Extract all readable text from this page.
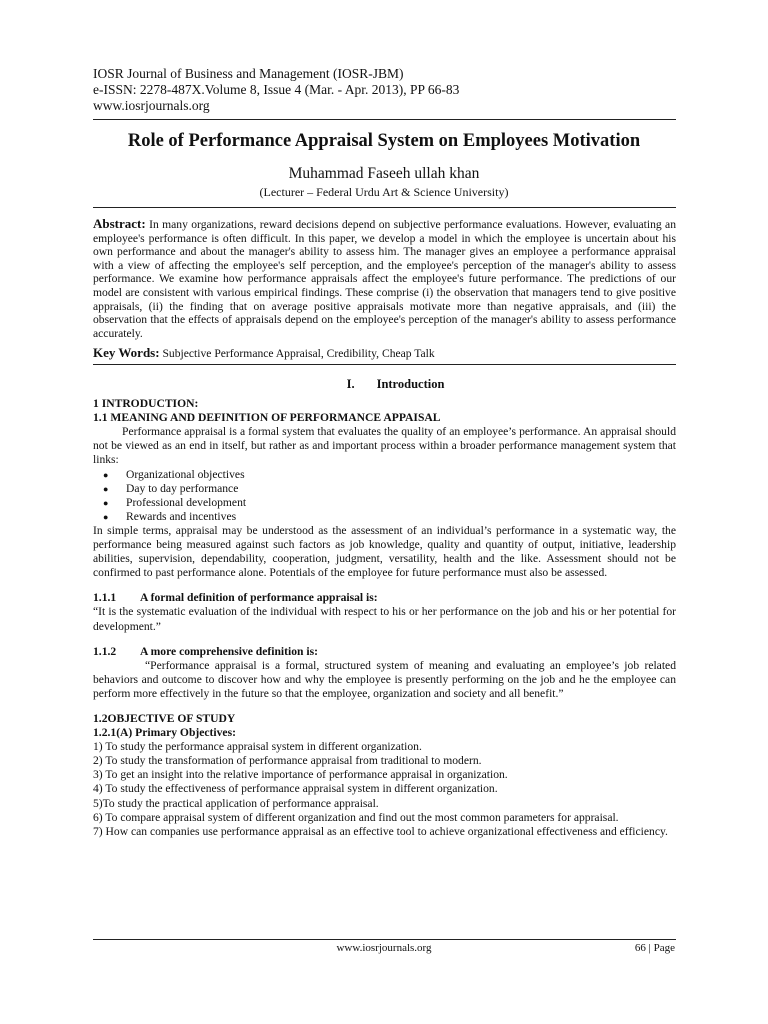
IOSR Journal of Business and Management (IOSR-JBM)
e-ISSN: 2278-487X.Volume 8, Issue 4 (Mar. - Apr. 2013), PP 66-83
www.iosrjournals.org
Role of Performance Appraisal System on Employees Motivation
Muhammad Faseeh ullah khan
(Lecturer – Federal Urdu Art & Science University)
Abstract: In many organizations, reward decisions depend on subjective performance evaluations. However, evaluating an employee's performance is often difficult. In this paper, we develop a model in which the employee is uncertain about his own performance and about the manager's ability to assess him. The manager gives an employee a performance appraisal with a view of affecting the employee's self perception, and the employee's perception of the manager's ability to assess performance. We examine how performance appraisals affect the employee's future performance. The predictions of our model are consistent with various empirical findings. These comprise (i) the observation that managers tend to give positive appraisals, (ii) the finding that on average positive appraisals motivate more than negative appraisals, and (iii) the observation that the effects of appraisals depend on the employee's perception of the manager's ability to assess performance accurately.
Key Words: Subjective Performance Appraisal, Credibility, Cheap Talk
I. Introduction
1 INTRODUCTION:
1.1 MEANING AND DEFINITION OF PERFORMANCE APPAISAL

Performance appraisal is a formal system that evaluates the quality of an employee’s performance. An appraisal should not be viewed as an end in itself, but rather as and important process within a broader performance management system that links:

● Organizational objectives
● Day to day performance
● Professional development
● Rewards and incentives

In simple terms, appraisal may be understood as the assessment of an individual’s performance in a systematic way, the performance being measured against such factors as job knowledge, quality and quantity of output, initiative, leadership abilities, supervision, dependability, cooperation, judgment, versatility, health and the like. Assessment should not be confirmed to past performance alone. Potentials of the employee for future performance must also be assessed.

1.1.1 A formal definition of performance appraisal is:

“It is the systematic evaluation of the individual with respect to his or her performance on the job and his or her potential for development.”

1.1.2 A more comprehensive definition is:

“Performance appraisal is a formal, structured system of meaning and evaluating an employee’s job related behaviors and outcome to discover how and why the employee is presently performing on the job and he the employee can perform more effectively in the future so that the employee, organization and society and all benefit.”

1.2OBJECTIVE OF STUDY
1.2.1(A) Primary Objectives:

1) To study the performance appraisal system in different organization.

2) To study the transformation of performance appraisal from traditional to modern.

3) To get an insight into the relative importance of performance appraisal in organization.

4) To study the effectiveness of performance appraisal system in different organization.

5)To study the practical application of performance appraisal.

6) To compare appraisal system of different organization and find out the most common parameters for appraisal.

7) How can companies use performance appraisal as an effective tool to achieve organizational effectiveness and efficiency.

www.iosrjournals.org	66 | Page
